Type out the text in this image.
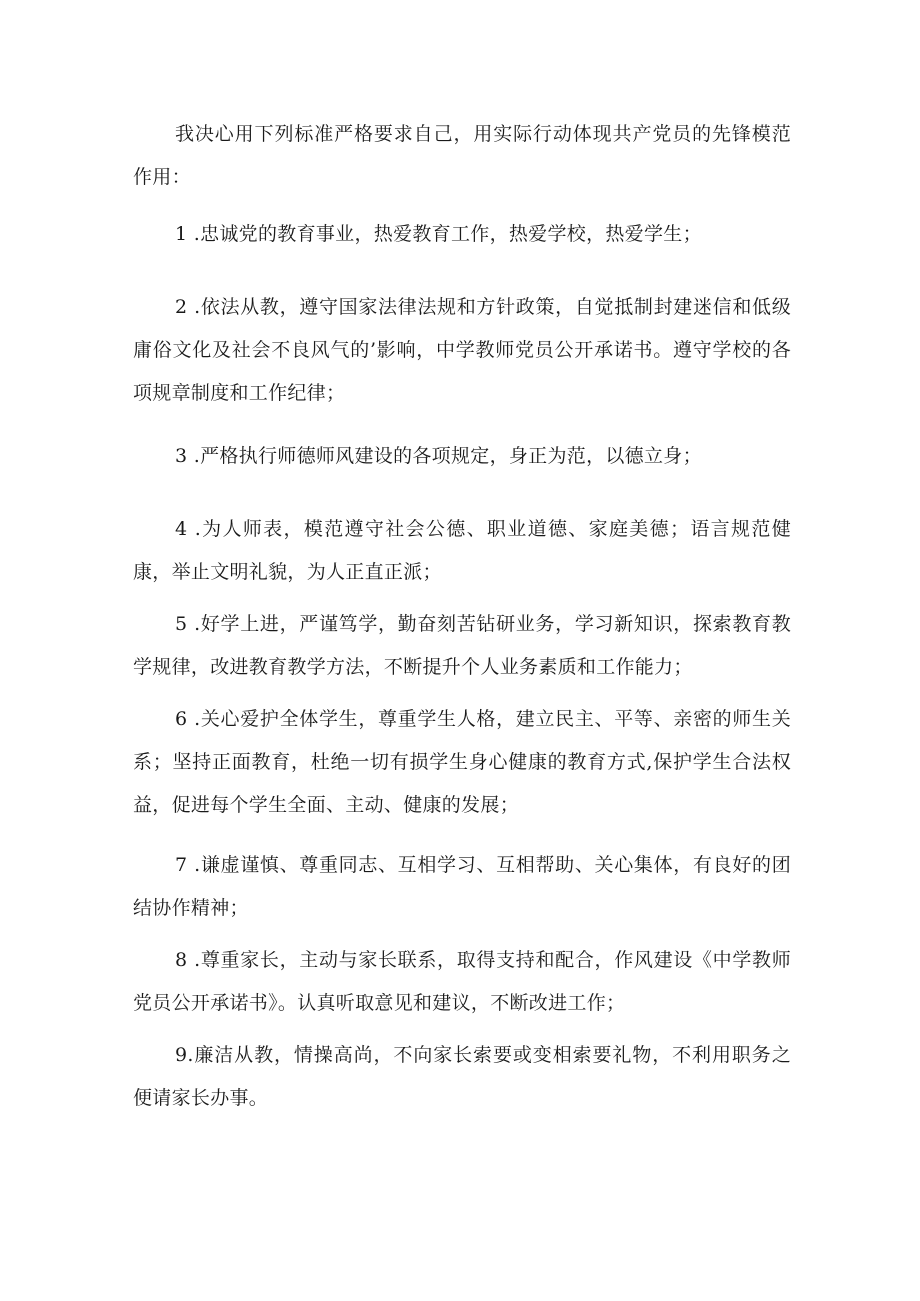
我决心用下列标准严格要求自己，用实际行动体现共产党员的先锋模范作用：

1 .忠诚党的教育事业，热爱教育工作，热爱学校，热爱学生；

2 .依法从教，遵守国家法律法规和方针政策，自觉抵制封建迷信和低级庸俗文化及社会不良风气的’影响，中学教师党员公开承诺书。遵守学校的各项规章制度和工作纪律；

3 .严格执行师德师风建设的各项规定，身正为范，以德立身；

4 .为人师表，模范遵守社会公德、职业道德、家庭美德；语言规范健康，举止文明礼貌，为人正直正派；

5 .好学上进，严谨笃学，勤奋刻苦钻研业务，学习新知识，探索教育教学规律，改进教育教学方法，不断提升个人业务素质和工作能力；

6 .关心爱护全体学生，尊重学生人格，建立民主、平等、亲密的师生关系；坚持正面教育，杜绝一切有损学生身心健康的教育方式,保护学生合法权益，促进每个学生全面、主动、健康的发展；

7 .谦虚谨慎、尊重同志、互相学习、互相帮助、关心集体，有良好的团结协作精神；

8 .尊重家长，主动与家长联系，取得支持和配合，作风建设《中学教师党员公开承诺书》。认真听取意见和建议，不断改进工作；

9.廉洁从教，情操高尚，不向家长索要或变相索要礼物，不利用职务之便请家长办事。
